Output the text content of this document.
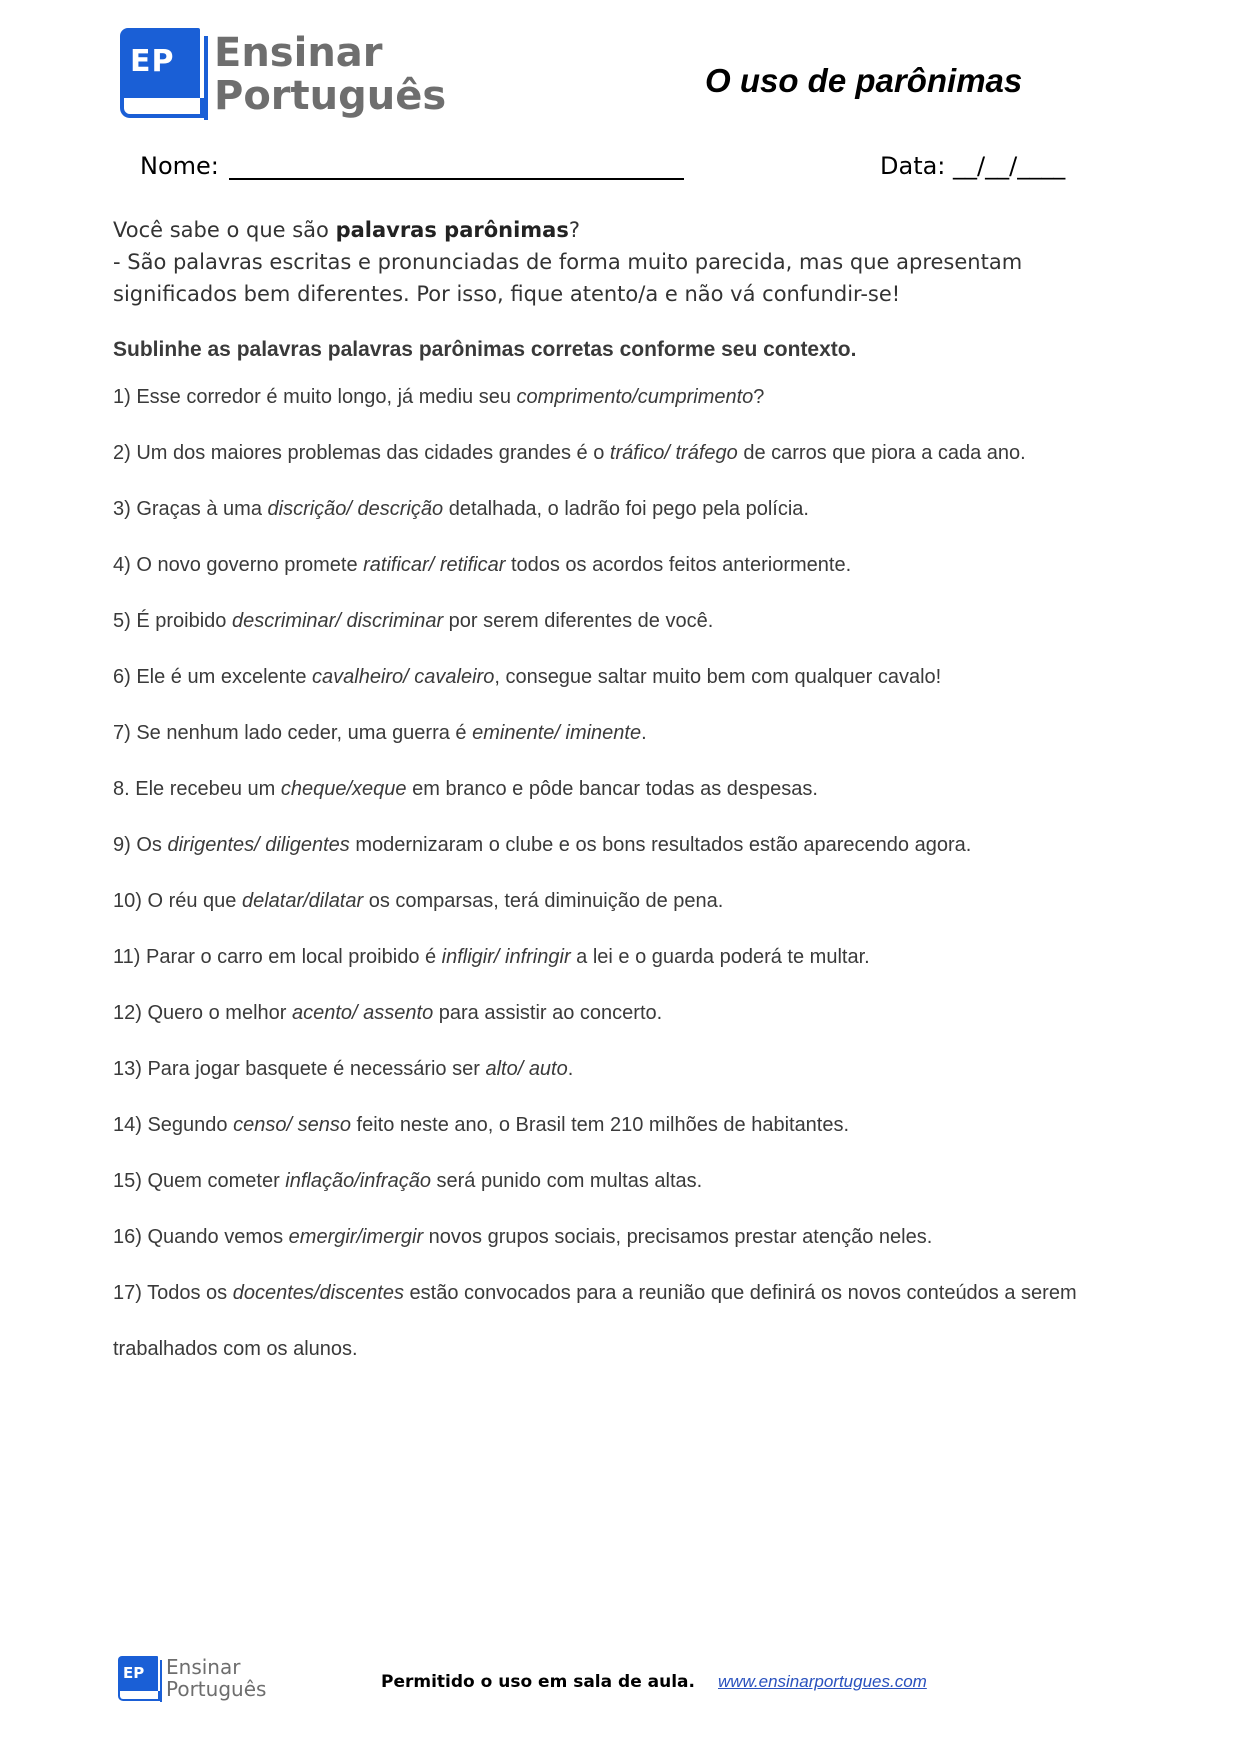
EP Ensinar
Português	O uso de parônimas
Nome:	Data: __/__/____
Você sabe o que são palavras parônimas?
- São palavras escritas e pronunciadas de forma muito parecida, mas que apresentam
significados bem diferentes. Por isso, fique atento/a e não vá confundir-se!
Sublinhe as palavras palavras parônimas corretas conforme seu contexto.
1) Esse corredor é muito longo, já mediu seu comprimento/cumprimento?
2) Um dos maiores problemas das cidades grandes é o tráfico/ tráfego de carros que piora a cada ano.
3) Graças à uma discrição/ descrição detalhada, o ladrão foi pego pela polícia.
4) O novo governo promete ratificar/ retificar todos os acordos feitos anteriormente.
5) É proibido descriminar/ discriminar por serem diferentes de você.
6) Ele é um excelente cavalheiro/ cavaleiro, consegue saltar muito bem com qualquer cavalo!
7) Se nenhum lado ceder, uma guerra é eminente/ iminente.
8. Ele recebeu um cheque/xeque em branco e pôde bancar todas as despesas.
9) Os dirigentes/ diligentes modernizaram o clube e os bons resultados estão aparecendo agora.
10) O réu que delatar/dilatar os comparsas, terá diminuição de pena.
11) Parar o carro em local proibido é infligir/ infringir a lei e o guarda poderá te multar.
12) Quero o melhor acento/ assento para assistir ao concerto.
13) Para jogar basquete é necessário ser alto/ auto.
14) Segundo censo/ senso feito neste ano, o Brasil tem 210 milhões de habitantes.
15) Quem cometer inflação/infração será punido com multas altas.
16) Quando vemos emergir/imergir novos grupos sociais, precisamos prestar atenção neles.
17) Todos os docentes/discentes estão convocados para a reunião que definirá os novos conteúdos a serem
trabalhados com os alunos.
EP Ensinar
Português	Permitido o uso em sala de aula. www.ensinarportugues.com
